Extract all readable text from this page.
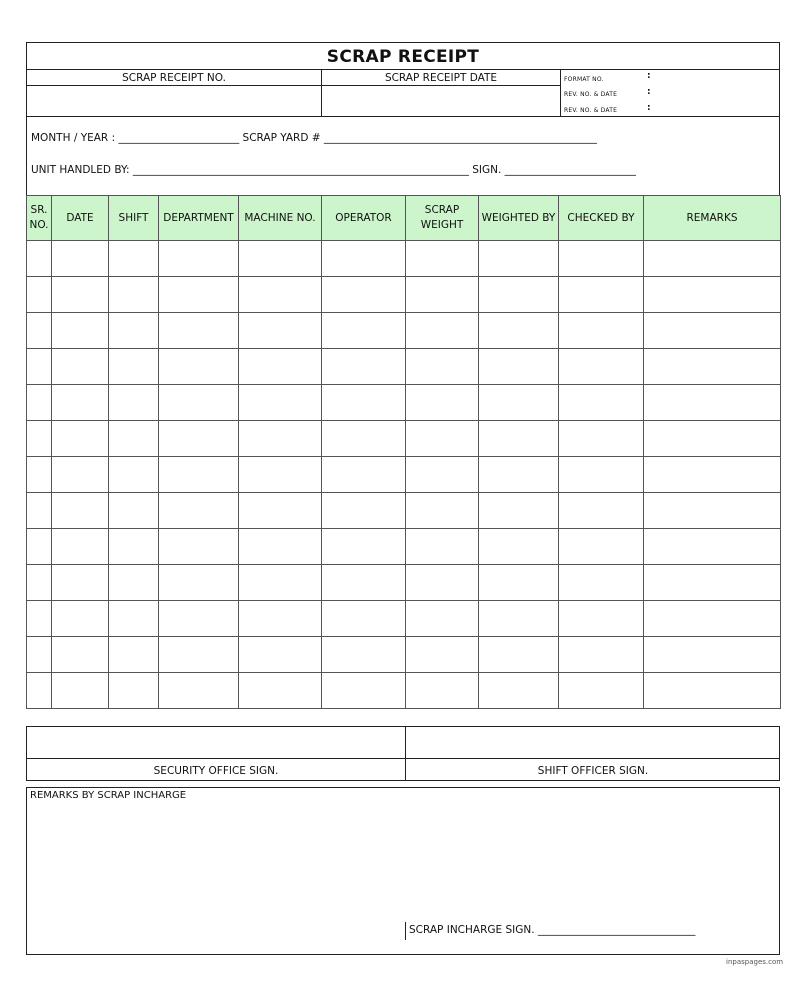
SCRAP RECEIPT
SCRAP RECEIPT NO.	SCRAP RECEIPT DATE	FORMAT NO.	:
REV. NO. & DATE	:
REV. NO. & DATE	:
MONTH / YEAR : _______________________ SCRAP YARD # ____________________________________________________
UNIT HANDLED BY: ________________________________________________________________ SIGN. _________________________
SR. NO.	DATE	SHIFT	DEPARTMENT	MACHINE NO.	OPERATOR	SCRAP WEIGHT	WEIGHTED BY	CHECKED BY	REMARKS

SECURITY OFFICE SIGN.	SHIFT OFFICER SIGN.
REMARKS BY SCRAP INCHARGE
SCRAP INCHARGE SIGN. ______________________________
inpaspages.com
